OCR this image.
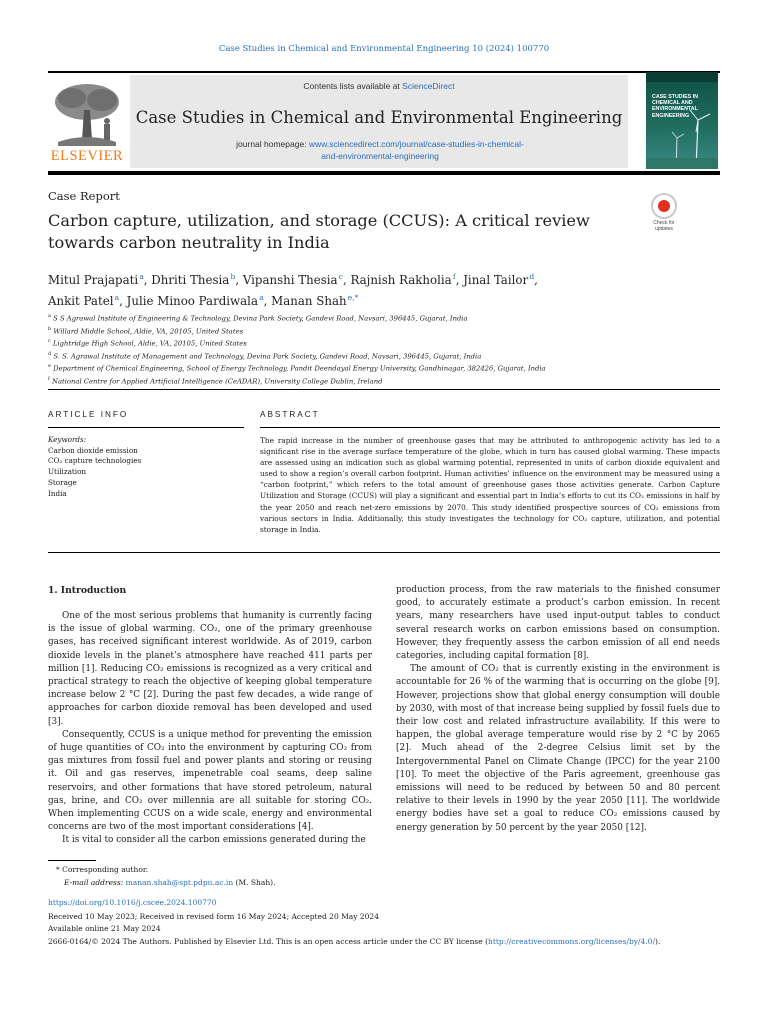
Case Studies in Chemical and Environmental Engineering 10 (2024) 100770
Contents lists available at ScienceDirect
Case Studies in Chemical and Environmental Engineering
journal homepage: www.sciencedirect.com/journal/case-studies-in-chemical-
and-environmental-engineering
ELSEVIER
CASE STUDIES IN
CHEMICAL AND
ENVIRONMENTAL
ENGINEERING
Case Report
Carbon capture, utilization, and storage (CCUS): A critical review towards carbon neutrality in India
Check for
updates
Mitul Prajapati $^a$, Dhriti Thesia $^b$, Vipanshi Thesia $^c$, Rajnish Rakholia $^f$, Jinal Tailor $^d$,
Ankit Patel $^a$, Julie Minoo Pardiwala $^a$, Manan Shah $^{e,*}$
$^a$ S S Agrawal Institute of Engineering & Technology, Devina Park Society, Gandevi Road, Navsari, 396445, Gujarat, India
$^b$ Willard Middle School, Aldie, VA, 20105, United States
$^c$ Lightridge High School, Aldie, VA, 20105, United States
$^d$ S. S. Agrawal Institute of Management and Technology, Devina Park Society, Gandevi Road, Navsari, 396445, Gujarat, India
$^e$ Department of Chemical Engineering, School of Energy Technology, Pandit Deendayal Energy University, Gandhinagar, 382426, Gujarat, India
$^f$ National Centre for Applied Artificial Intelligence (CeADAR), University College Dublin, Ireland
ARTICLE INFO	ABSTRACT
Keywords:
Carbon dioxide emission
CO₂ capture technologies
Utilization
Storage
India

The rapid increase in the number of greenhouse gases that may be attributed to anthropogenic activity has led to a significant rise in the average surface temperature of the globe, which in turn has caused global warming. These impacts are assessed using an indication such as global warming potential, represented in units of carbon dioxide equivalent and used to show a region’s overall carbon footprint. Human activities’ influence on the environment may be measured using a “carbon footprint,” which refers to the total amount of greenhouse gases those activities generate. Carbon Capture Utilization and Storage (CCUS) will play a significant and essential part in India’s efforts to cut its CO₂ emissions in half by the year 2050 and reach net-zero emissions by 2070. This study identified prospective sources of CO₂ emissions from various sectors in India. Additionally, this study investigates the technology for CO₂ capture, utilization, and potential storage in India.

1. Introduction

One of the most serious problems that humanity is currently facing is the issue of global warming. CO₂, one of the primary greenhouse gases, has received significant interest worldwide. As of 2019, carbon dioxide levels in the planet’s atmosphere have reached 411 parts per million [1]. Reducing CO₂ emissions is recognized as a very critical and practical strategy to reach the objective of keeping global temperature increase below 2 °C [2]. During the past few decades, a wide range of approaches for carbon dioxide removal has been developed and used [3].

Consequently, CCUS is a unique method for preventing the emission of huge quantities of CO₂ into the environment by capturing CO₂ from gas mixtures from fossil fuel and power plants and storing or reusing it. Oil and gas reserves, impenetrable coal seams, deep saline reservoirs, and other formations that have stored petroleum, natural gas, brine, and CO₂ over millennia are all suitable for storing CO₂. When implementing CCUS on a wide scale, energy and environmental concerns are two of the most important considerations [4].

It is vital to consider all the carbon emissions generated during the

production process, from the raw materials to the finished consumer good, to accurately estimate a product’s carbon emission. In recent years, many researchers have used input-output tables to conduct several research works on carbon emissions based on consumption. However, they frequently assess the carbon emission of all end needs categories, including capital formation [8].

The amount of CO₂ that is currently existing in the environment is accountable for 26 % of the warming that is occurring on the globe [9]. However, projections show that global energy consumption will double by 2030, with most of that increase being supplied by fossil fuels due to their low cost and related infrastructure availability. If this were to happen, the global average temperature would rise by 2 °C by 2065 [2]. Much ahead of the 2-degree Celsius limit set by the Intergovernmental Panel on Climate Change (IPCC) for the year 2100 [10]. To meet the objective of the Paris agreement, greenhouse gas emissions will need to be reduced by between 50 and 80 percent relative to their levels in 1990 by the year 2050 [11]. The worldwide energy bodies have set a goal to reduce CO₂ emissions caused by energy generation by 50 percent by the year 2050 [12].

* Corresponding author.
E-mail address: manan.shah@spt.pdpu.ac.in (M. Shah).
https://doi.org/10.1016/j.cscee.2024.100770
Received 10 May 2023; Received in revised form 16 May 2024; Accepted 20 May 2024
Available online 21 May 2024
2666-0164/© 2024 The Authors. Published by Elsevier Ltd. This is an open access article under the CC BY license (http://creativecommons.org/licenses/by/4.0/).
